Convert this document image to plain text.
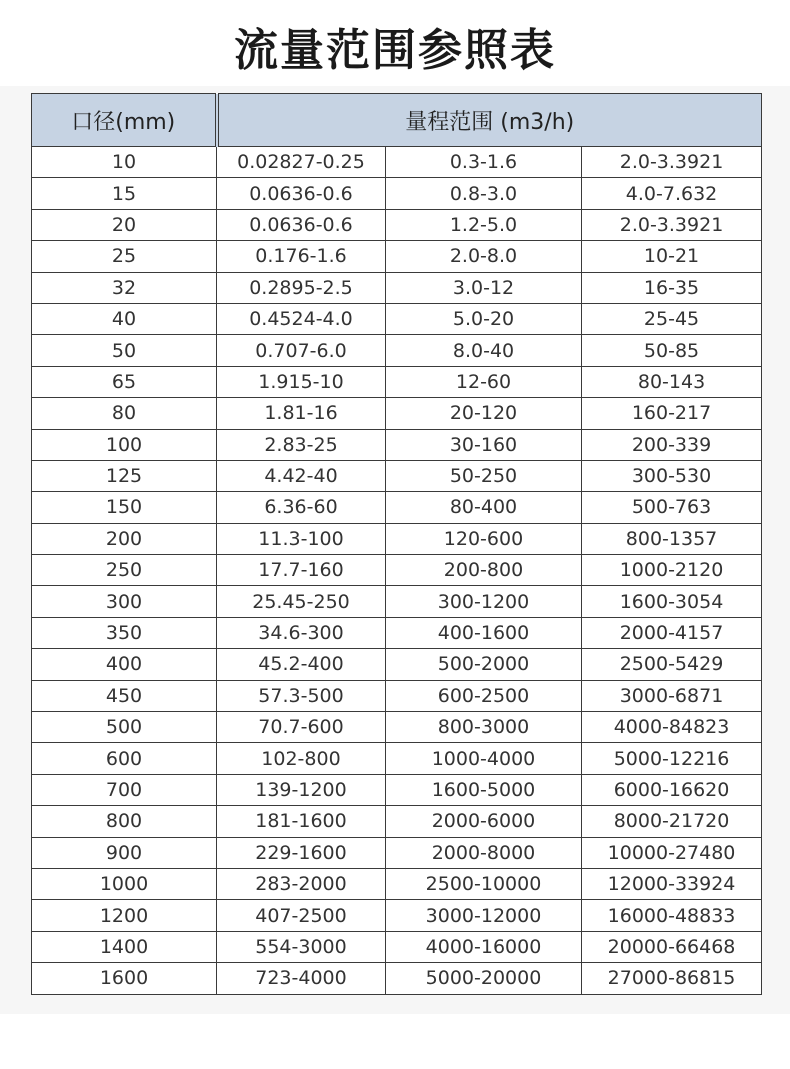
流量范围参照表
口径(mm)	量程范围 (m3/h)		
10	0.02827-0.25	0.3-1.6	2.0-3.3921
15	0.0636-0.6	0.8-3.0	4.0-7.632
20	0.0636-0.6	1.2-5.0	2.0-3.3921
25	0.176-1.6	2.0-8.0	10-21
32	0.2895-2.5	3.0-12	16-35
40	0.4524-4.0	5.0-20	25-45
50	0.707-6.0	8.0-40	50-85
65	1.915-10	12-60	80-143
80	1.81-16	20-120	160-217
100	2.83-25	30-160	200-339
125	4.42-40	50-250	300-530
150	6.36-60	80-400	500-763
200	11.3-100	120-600	800-1357
250	17.7-160	200-800	1000-2120
300	25.45-250	300-1200	1600-3054
350	34.6-300	400-1600	2000-4157
400	45.2-400	500-2000	2500-5429
450	57.3-500	600-2500	3000-6871
500	70.7-600	800-3000	4000-84823
600	102-800	1000-4000	5000-12216
700	139-1200	1600-5000	6000-16620
800	181-1600	2000-6000	8000-21720
900	229-1600	2000-8000	10000-27480
1000	283-2000	2500-10000	12000-33924
1200	407-2500	3000-12000	16000-48833
1400	554-3000	4000-16000	20000-66468
1600	723-4000	5000-20000	27000-86815
